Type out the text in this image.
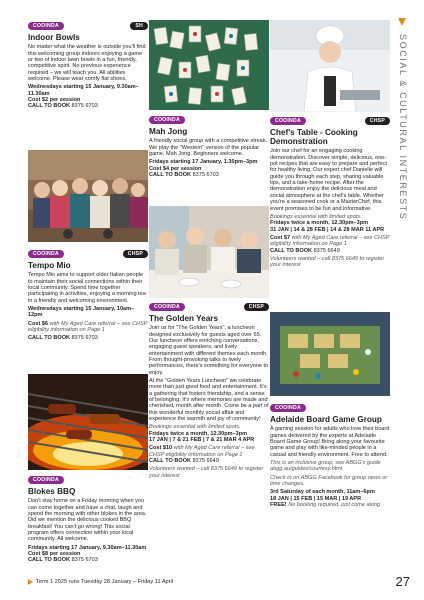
SOCIAL & CULTURAL INTERESTS
COOINDA	SH
Indoor Bowls

No matter what the weather is outside you'll find this welcoming group indoors enjoying a game or two of indoor lawn bowls in a fun, friendly, competitive spirit. No previous experience required – we will teach you. All abilities welcome. Please wear comfy flat shoes.

Wednesdays starting 15 January, 9.30am–11.30am

Cost $2 per session

CALL TO BOOK 8375 6703

COOINDA	CHSP
Tempo Mio

Tempo Mio aims to support older Italian people to maintain their social connections within their local community. Spend time together participating in activities, enjoying a morning tea in a friendly and welcoming environment.

Wednesdays starting 15 January, 10am–12pm

Cost $6 with My Aged Care referral – see CHSP eligibility information on Page 1

CALL TO BOOK 8375 6703

COOINDA
Blokes BBQ

Don't stay home on a Friday morning when you can come together and have a chat, laugh and spend the morning with other blokes in the area. Did we mention the delicious cooked BBQ breakfast! You can't go wrong! This social program offers connection within your local community. All welcome.

Fridays starting 17 January, 9.30am–11.30am

Cost $8 per session

CALL TO BOOK 8375 6703

COOINDA
Mah Jong

A friendly social group with a competitive streak. We play the "Western" version of the popular game, Mah Jong. Beginners welcome.

Fridays starting 17 January, 1.30pm–3pm

Cost $4 per session

CALL TO BOOK 8375 6703

COOINDA	CHSP
The Golden Years

Join us for "The Golden Years", a luncheon designed exclusively for guests aged over 65. Our luncheon offers enriching conversations, engaging guest speakers, and lively entertainment with different themes each month. From thought-provoking talks to lively performances, there's something for everyone to enjoy.

At the "Golden Years Luncheon" we celebrate more than just good food and entertainment. It's a gathering that fosters friendship, and a sense of belonging. It's where memories are made and cherished, month after month. Come be a part of this wonderful monthly social affair and experience the warmth and joy of community!

Bookings essential with limited spots.

Fridays twice a month, 12.30pm–3pm

17 JAN | 7 & 21 FEB | 7 & 21 MAR 4 APR

Cost $10 with My Aged Care referral – see CHSP eligibility information on Page 1

CALL TO BOOK 8375 6649

Volunteers wanted – call 8375 6649 to register your interest

COOINDA	CHSP
Chef's Table - Cooking Demonstration

Join our chef for an engaging cooking demonstration. Discover simple, delicious, one-pot recipes that are easy to prepare and perfect for healthy living. Our expert chef Danielle will guide you through each step, sharing valuable tips, and a take-home recipe. After the demonstration enjoy the delicious meal and social atmosphere at the chef's table. Whether you're a seasoned cook or a MasterChef, this event promises to be fun and informative.

Bookings essential with limited spots.

Fridays twice a month, 12.30pm–3pm

31 JAN | 14 & 28 FEB | 14 & 28 MAR 11 APR

Cost $7 with My Aged Care referral – see CHSP eligibility information on Page 1

CALL TO BOOK 8375 6649

Volunteers wanted – call 8375 6649 to register your interest

COOINDA
Adelaide Board Game Group

A gaming session for adults who love their board games delivered by the experts at Adelaide Board Game Group! Bring along your favourite game and play with like-minded people in a casual and friendly environment. Free to attend.

This is an inclusive group, see ABGG's guide abgg.au/guides/courtesy.html

Check in on ABGG Facebook for group news or time changes.

3rd Saturday of each month, 11am–6pm

18 JAN | 15 FEB | 15 MAR | 19 APR

FREE! No booking required, just come along

Term 1 2025 runs Tuesday 28 January – Friday 11 April	27
